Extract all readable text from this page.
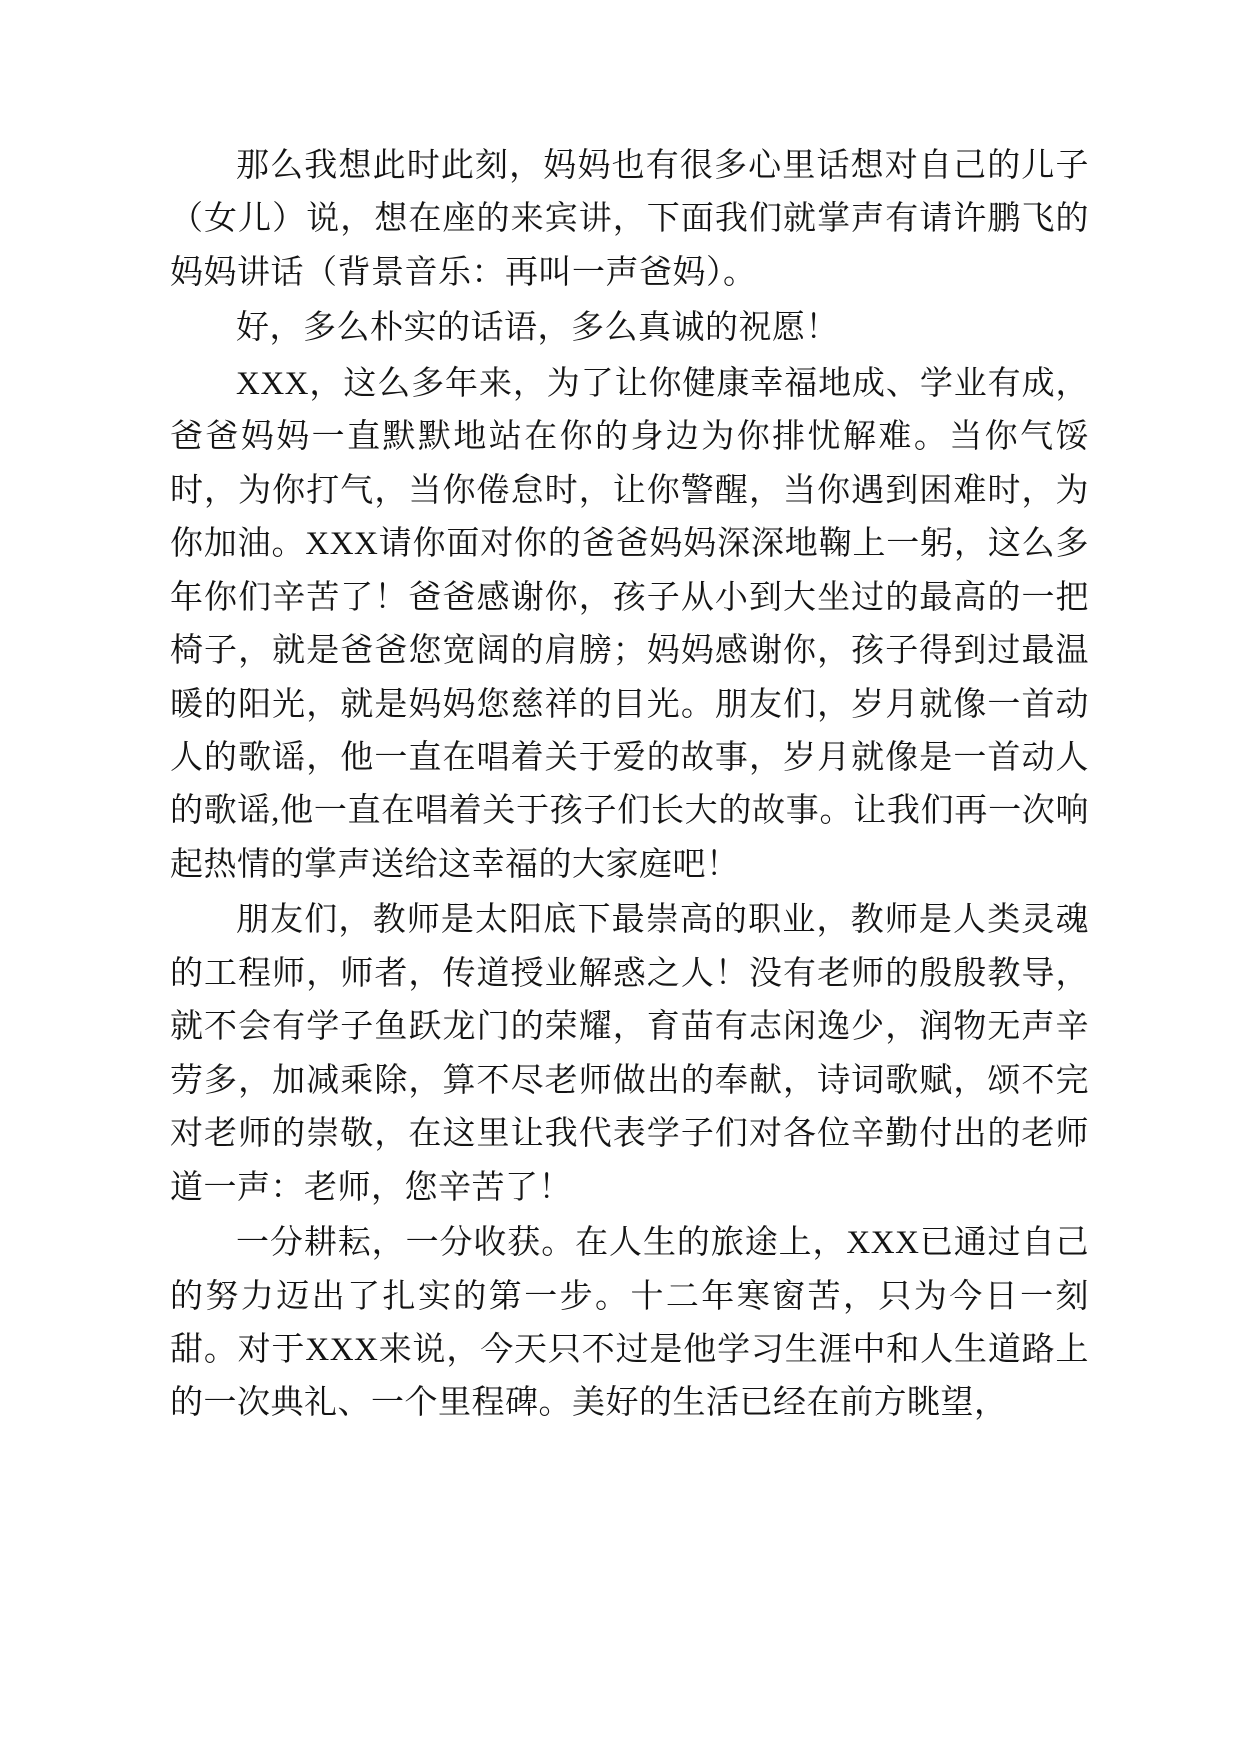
那么我想此时此刻，妈妈也有很多心里话想对自己的儿子（女儿）说，想在座的来宾讲，下面我们就掌声有请许鹏飞的妈妈讲话（背景音乐：再叫一声爸妈）。

好，多么朴实的话语，多么真诚的祝愿！

XXX，这么多年来，为了让你健康幸福地成、学业有成，爸爸妈妈一直默默地站在你的身边为你排忧解难。当你气馁时，为你打气，当你倦怠时，让你警醒，当你遇到困难时，为你加油。XXX请你面对你的爸爸妈妈深深地鞠上一躬，这么多年你们辛苦了！爸爸感谢你，孩子从小到大坐过的最高的一把椅子，就是爸爸您宽阔的肩膀；妈妈感谢你，孩子得到过最温暖的阳光，就是妈妈您慈祥的目光。朋友们，岁月就像一首动人的歌谣，他一直在唱着关于爱的故事，岁月就像是一首动人的歌谣,他一直在唱着关于孩子们长大的故事。让我们再一次响起热情的掌声送给这幸福的大家庭吧！

朋友们，教师是太阳底下最崇高的职业，教师是人类灵魂的工程师，师者，传道授业解惑之人！没有老师的殷殷教导，就不会有学子鱼跃龙门的荣耀，育苗有志闲逸少，润物无声辛劳多，加减乘除，算不尽老师做出的奉献，诗词歌赋，颂不完对老师的崇敬，在这里让我代表学子们对各位辛勤付出的老师道一声：老师，您辛苦了！

一分耕耘，一分收获。在人生的旅途上，XXX已通过自己的努力迈出了扎实的第一步。十二年寒窗苦，只为今日一刻甜。对于XXX来说，今天只不过是他学习生涯中和人生道路上的一次典礼、一个里程碑。美好的生活已经在前方眺望，
